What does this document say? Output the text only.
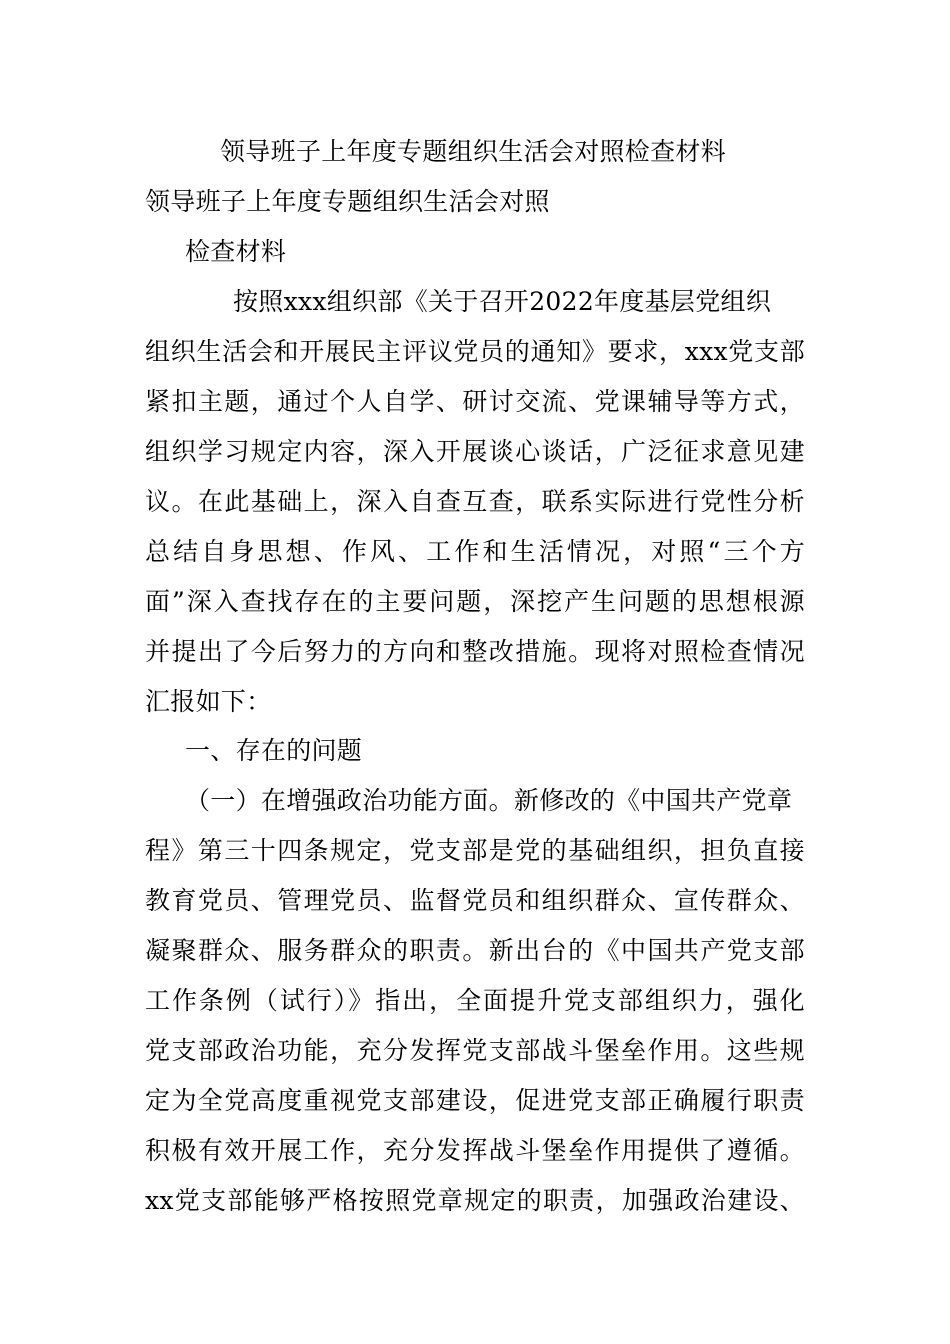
领导班子上年度专题组织生活会对照检查材料
领导班子上年度专题组织生活会对照
检查材料
按照xxx组织部《关于召开2022年度基层党组织
组织生活会和开展民主评议党员的通知》要求，xxx党支部
紧扣主题，通过个人自学、研讨交流、党课辅导等方式，
组织学习规定内容，深入开展谈心谈话，广泛征求意见建
议。在此基础上，深入自查互查，联系实际进行党性分析
总结自身思想、作风、工作和生活情况，对照“三个方
面”深入查找存在的主要问题，深挖产生问题的思想根源
并提出了今后努力的方向和整改措施。现将对照检查情况
汇报如下：
一、存在的问题
（一）在增强政治功能方面。新修改的《中国共产党章
程》第三十四条规定，党支部是党的基础组织，担负直接
教育党员、管理党员、监督党员和组织群众、宣传群众、
凝聚群众、服务群众的职责。新出台的《中国共产党支部
工作条例（试行）》指出，全面提升党支部组织力，强化
党支部政治功能，充分发挥党支部战斗堡垒作用。这些规
定为全党高度重视党支部建设，促进党支部正确履行职责
积极有效开展工作，充分发挥战斗堡垒作用提供了遵循。
xx党支部能够严格按照党章规定的职责，加强政治建设、
